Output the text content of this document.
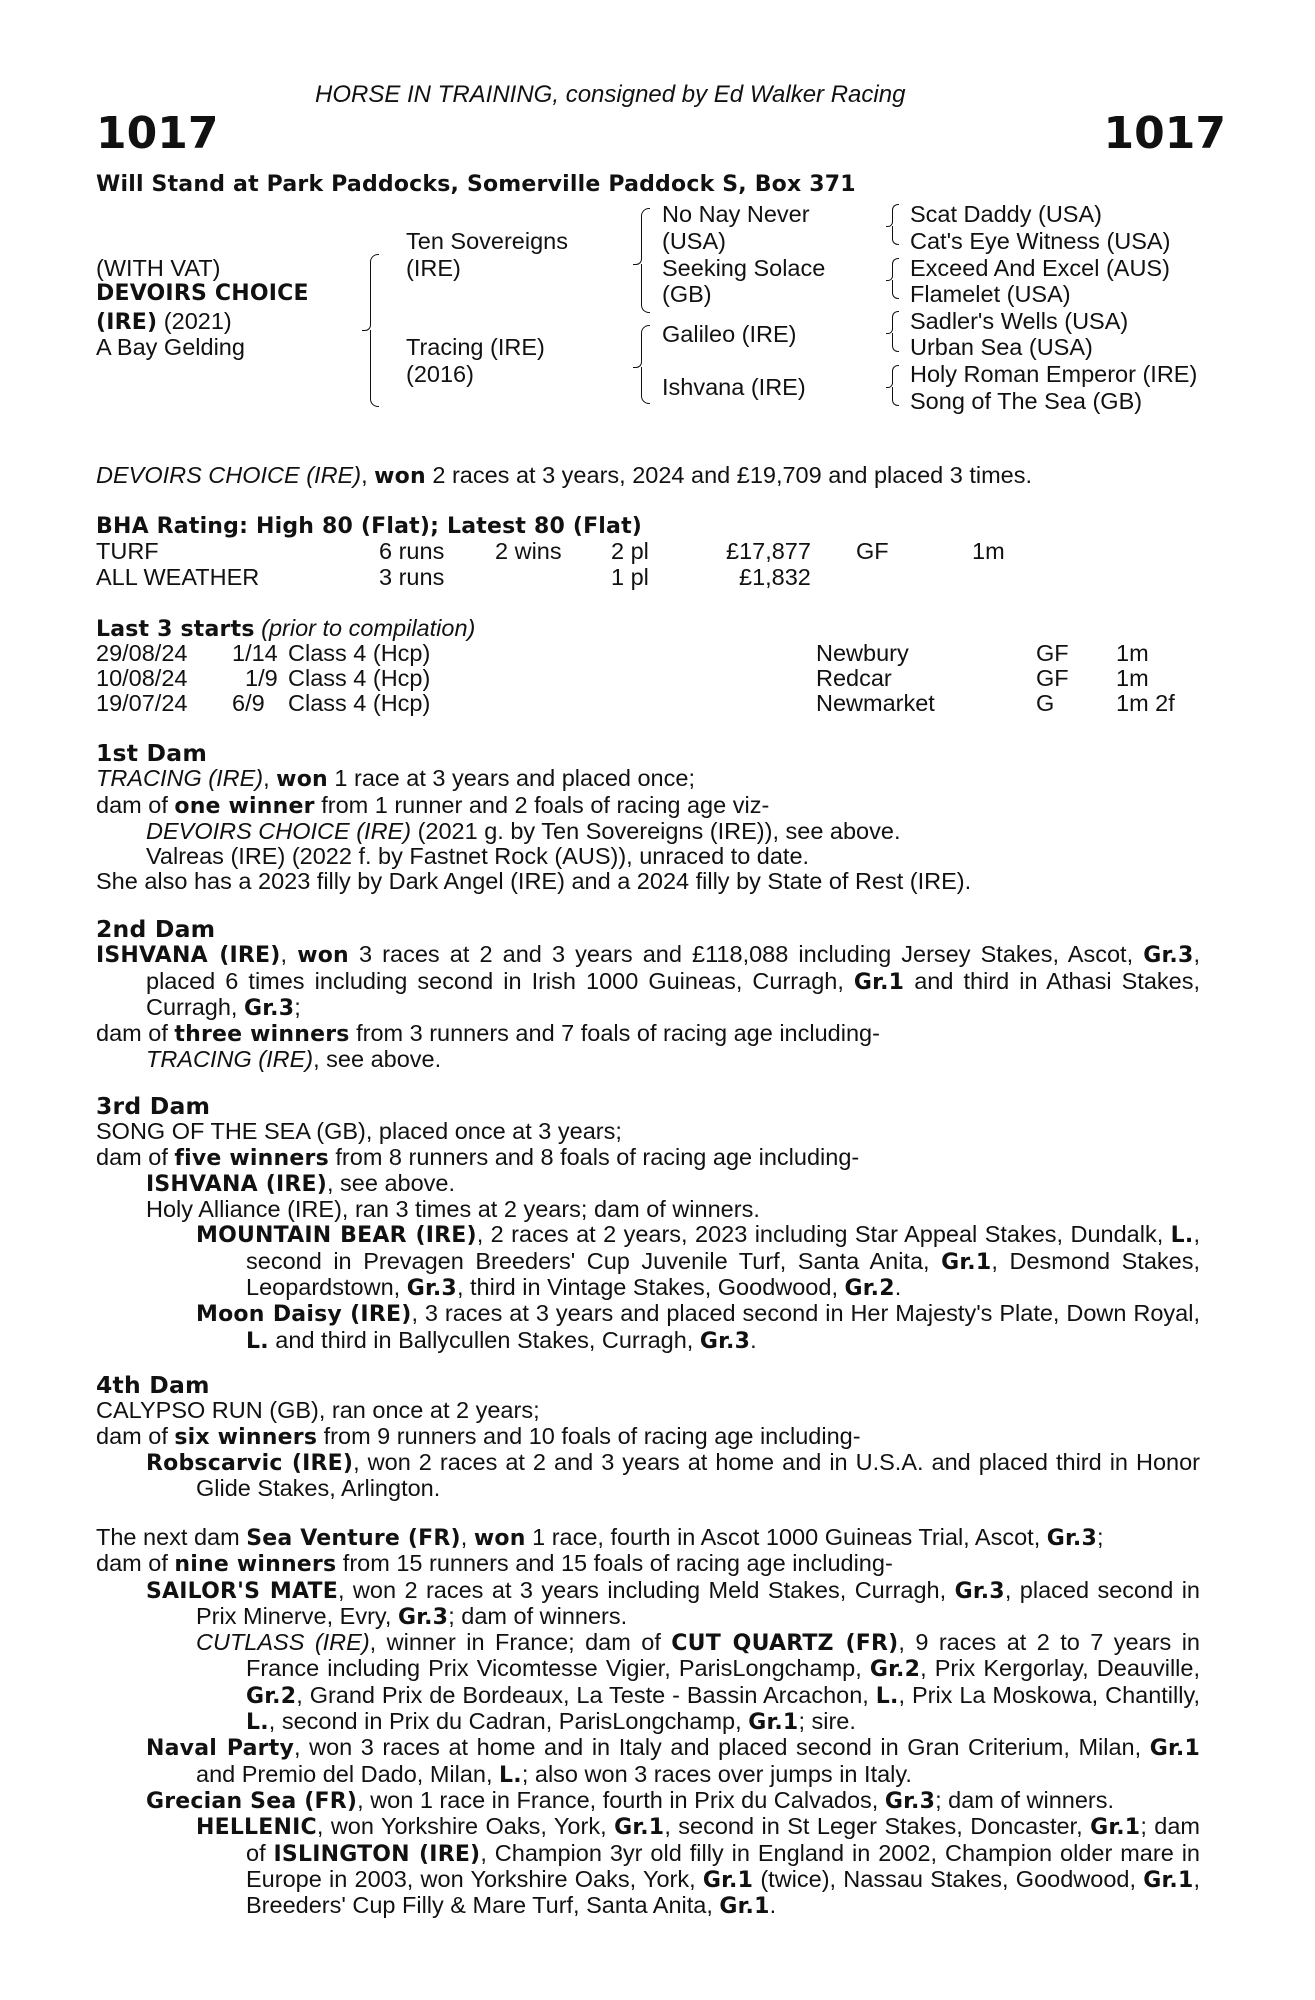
HORSE IN TRAINING, consigned by Ed Walker Racing
1017	1017
Will Stand at Park Paddocks, Somerville Paddock S, Box 371
(WITH VAT)
DEVOIRS CHOICE
(IRE) (2021)
A Bay Gelding
Ten Sovereigns
(IRE)
Tracing (IRE)
(2016)
No Nay Never
(USA)
Seeking Solace
(GB)
Galileo (IRE)
Ishvana (IRE)
Scat Daddy (USA)
Cat's Eye Witness (USA)
Exceed And Excel (AUS)
Flamelet (USA)
Sadler's Wells (USA)
Urban Sea (USA)
Holy Roman Emperor (IRE)
Song of The Sea (GB)
DEVOIRS CHOICE (IRE), won 2 races at 3 years, 2024 and £19,709 and placed 3 times.
BHA Rating: High 80 (Flat); Latest 80 (Flat)
TURF	6 runs 2 wins 2 pl	£17,877 GF	1m
ALL WEATHER	3 runs	1 pl	£1,832
Last 3 starts (prior to compilation)
29/08/24 1/14 Class 4 (Hcp)	Newbury	GF 1m
10/08/24 1/9 Class 4 (Hcp)	Redcar	GF 1m
19/07/24 6/9 Class 4 (Hcp)	Newmarket	G	1m 2f

1st Dam

TRACING (IRE), won 1 race at 3 years and placed once;

dam of one winner from 1 runner and 2 foals of racing age viz-

DEVOIRS CHOICE (IRE) (2021 g. by Ten Sovereigns (IRE)), see above.

Valreas (IRE) (2022 f. by Fastnet Rock (AUS)), unraced to date.

She also has a 2023 filly by Dark Angel (IRE) and a 2024 filly by State of Rest (IRE).

2nd Dam

ISHVANA (IRE), won 3 races at 2 and 3 years and £118,088 including Jersey Stakes, Ascot, Gr.3, placed 6 times including second in Irish 1000 Guineas, Curragh, Gr.1 and third in Athasi Stakes, Curragh, Gr.3;

dam of three winners from 3 runners and 7 foals of racing age including-

TRACING (IRE), see above.

3rd Dam

SONG OF THE SEA (GB), placed once at 3 years;

dam of five winners from 8 runners and 8 foals of racing age including-

ISHVANA (IRE), see above.

Holy Alliance (IRE), ran 3 times at 2 years; dam of winners.

MOUNTAIN BEAR (IRE), 2 races at 2 years, 2023 including Star Appeal Stakes, Dundalk, L., second in Prevagen Breeders' Cup Juvenile Turf, Santa Anita, Gr.1, Desmond Stakes, Leopardstown, Gr.3, third in Vintage Stakes, Goodwood, Gr.2.

Moon Daisy (IRE), 3 races at 3 years and placed second in Her Majesty's Plate, Down Royal, L. and third in Ballycullen Stakes, Curragh, Gr.3.

4th Dam

CALYPSO RUN (GB), ran once at 2 years;

dam of six winners from 9 runners and 10 foals of racing age including-

Robscarvic (IRE), won 2 races at 2 and 3 years at home and in U.S.A. and placed third in Honor Glide Stakes, Arlington.

The next dam Sea Venture (FR), won 1 race, fourth in Ascot 1000 Guineas Trial, Ascot, Gr.3;

dam of nine winners from 15 runners and 15 foals of racing age including-

SAILOR'S MATE, won 2 races at 3 years including Meld Stakes, Curragh, Gr.3, placed second in Prix Minerve, Evry, Gr.3; dam of winners.

CUTLASS (IRE), winner in France; dam of CUT QUARTZ (FR), 9 races at 2 to 7 years in France including Prix Vicomtesse Vigier, ParisLongchamp, Gr.2, Prix Kergorlay, Deauville, Gr.2, Grand Prix de Bordeaux, La Teste - Bassin Arcachon, L., Prix La Moskowa, Chantilly, L., second in Prix du Cadran, ParisLongchamp, Gr.1; sire.

Naval Party, won 3 races at home and in Italy and placed second in Gran Criterium, Milan, Gr.1 and Premio del Dado, Milan, L.; also won 3 races over jumps in Italy.

Grecian Sea (FR), won 1 race in France, fourth in Prix du Calvados, Gr.3; dam of winners.

HELLENIC, won Yorkshire Oaks, York, Gr.1, second in St Leger Stakes, Doncaster, Gr.1; dam of ISLINGTON (IRE), Champion 3yr old filly in England in 2002, Champion older mare in Europe in 2003, won Yorkshire Oaks, York, Gr.1 (twice), Nassau Stakes, Goodwood, Gr.1, Breeders' Cup Filly & Mare Turf, Santa Anita, Gr.1.
